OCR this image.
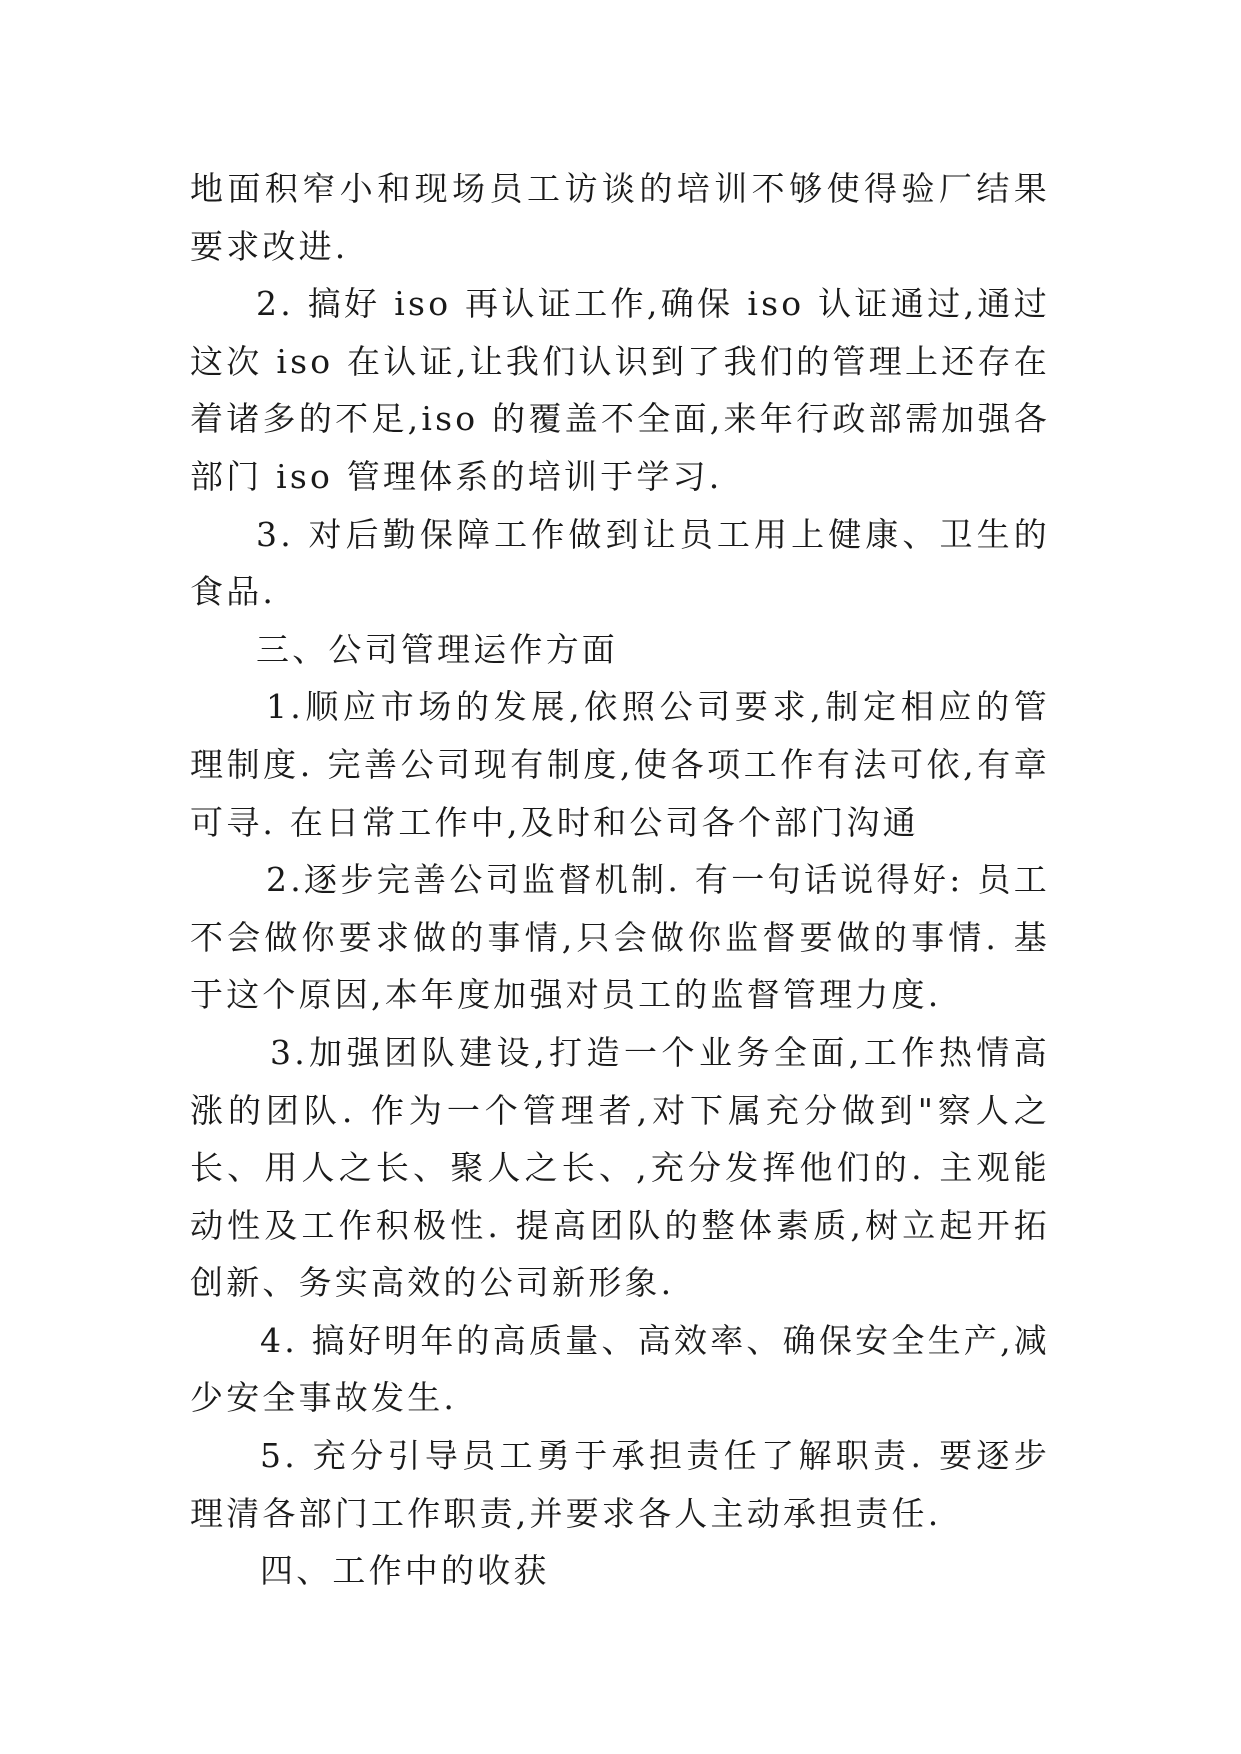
地面积窄小和现场员工访谈的培训不够使得验厂结果要求改进.

2. 搞好 iso 再认证工作,确保 iso 认证通过,通过这次 iso 在认证,让我们认识到了我们的管理上还存在着诸多的不足,iso 的覆盖不全面,来年行政部需加强各部门 iso 管理体系的培训于学习.

3. 对后勤保障工作做到让员工用上健康、卫生的食品.

三、公司管理运作方面

1.顺应市场的发展,依照公司要求,制定相应的管理制度. 完善公司现有制度,使各项工作有法可依,有章可寻. 在日常工作中,及时和公司各个部门沟通

2.逐步完善公司监督机制. 有一句话说得好: 员工不会做你要求做的事情,只会做你监督要做的事情. 基于这个原因,本年度加强对员工的监督管理力度.

3.加强团队建设,打造一个业务全面,工作热情高涨的团队. 作为一个管理者,对下属充分做到"察人之长、用人之长、聚人之长、,充分发挥他们的. 主观能动性及工作积极性. 提高团队的整体素质,树立起开拓创新、务实高效的公司新形象.

4. 搞好明年的高质量、高效率、确保安全生产,减少安全事故发生.

5. 充分引导员工勇于承担责任了解职责. 要逐步理清各部门工作职责,并要求各人主动承担责任.

四、工作中的收获
